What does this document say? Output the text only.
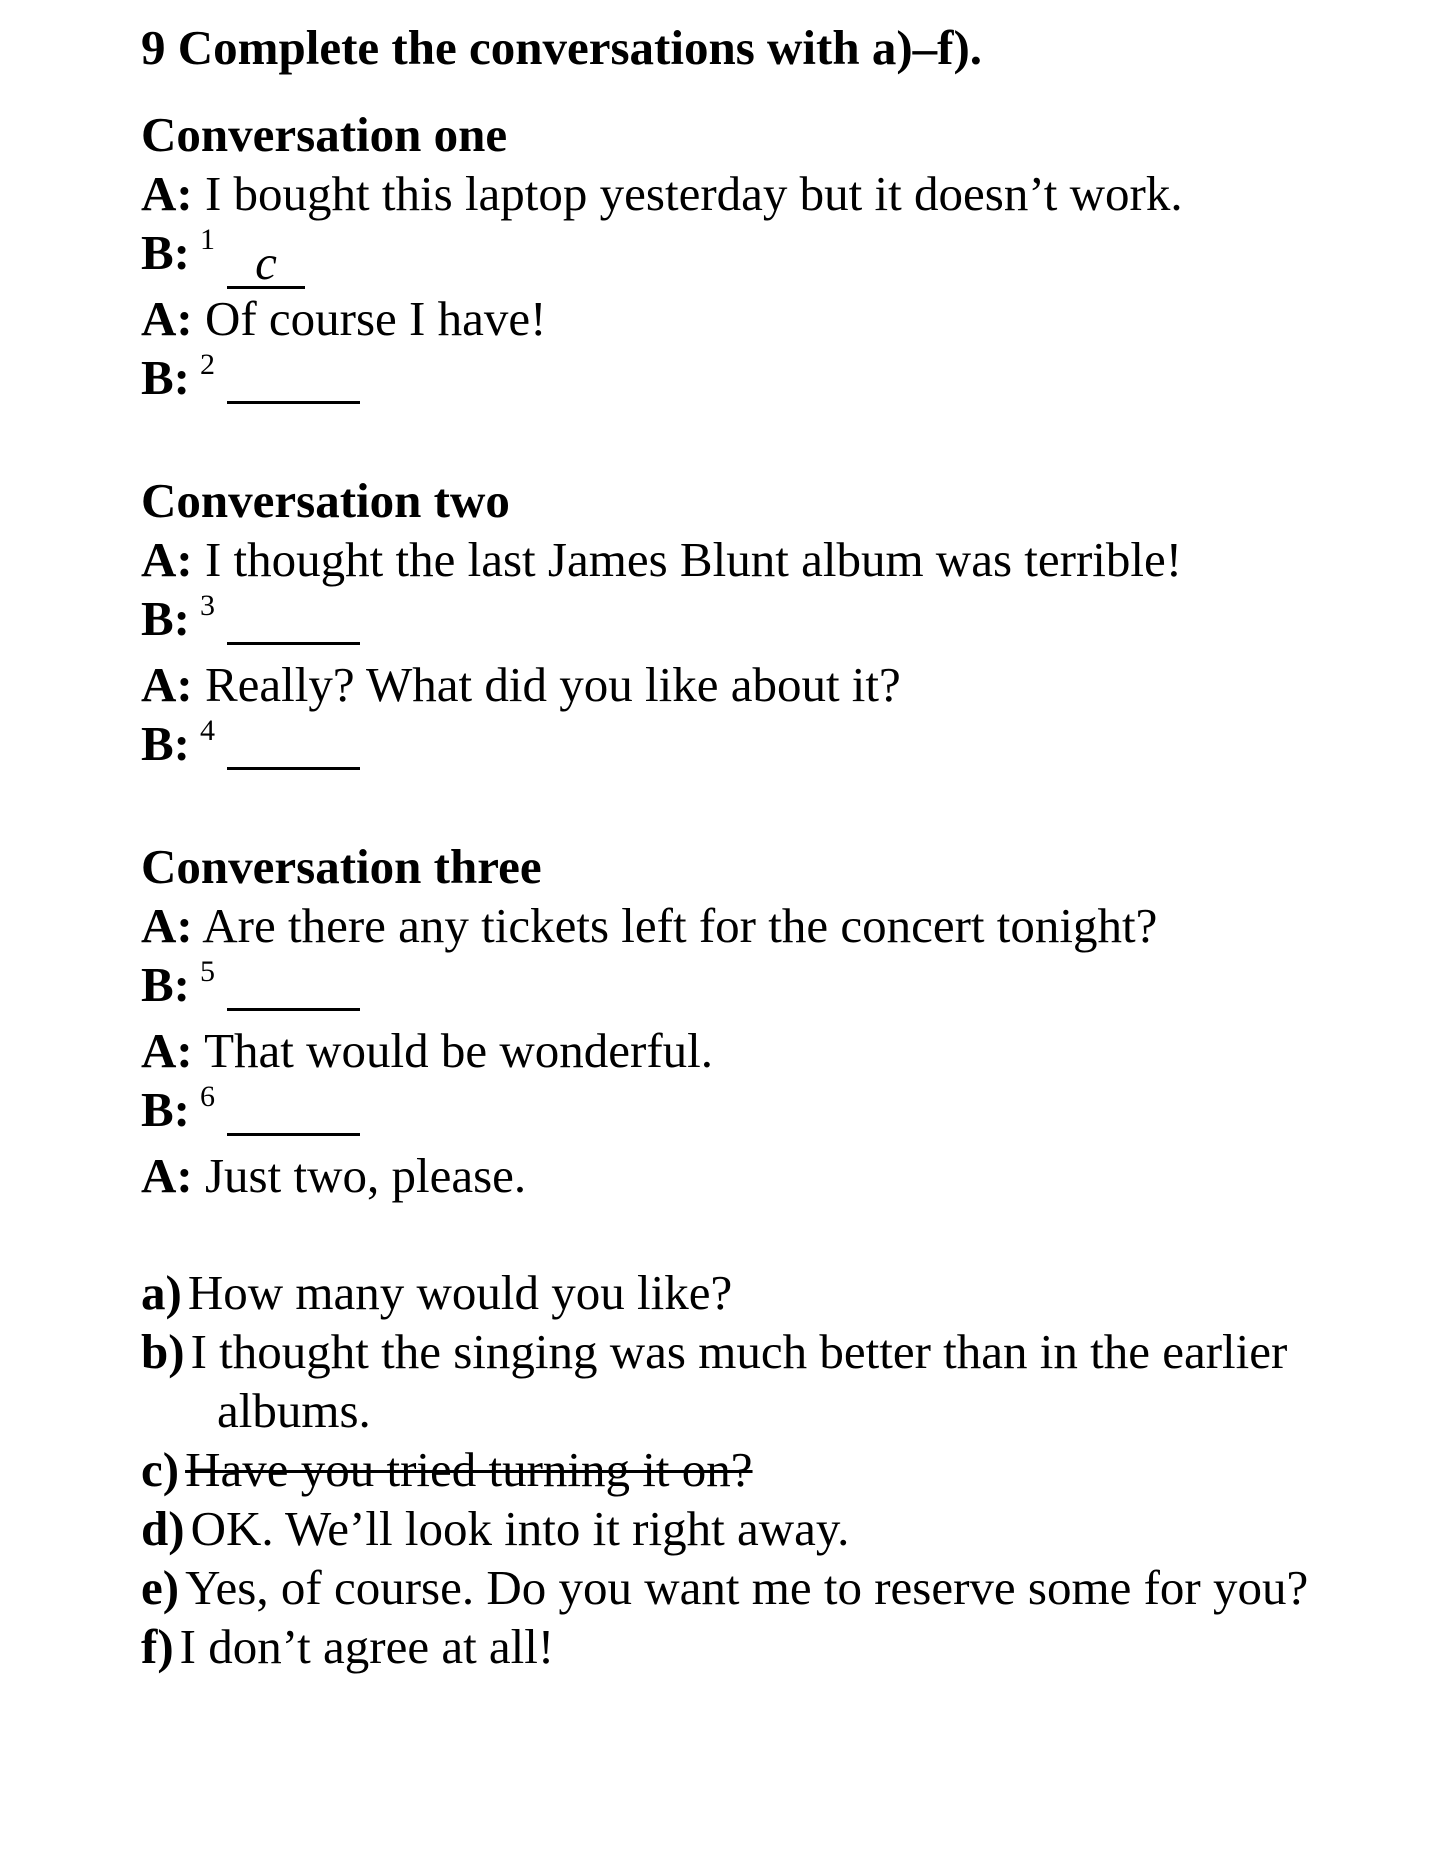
9 Complete the conversations with a)–f).
Conversation one
A: I bought this laptop yesterday but it doesn’t work.
B: $^1$ c
A: Of course I have!
B: $^2$
Conversation two
A: I thought the last James Blunt album was terrible!
B: $^3$
A: Really? What did you like about it?
B: $^4$
Conversation three
A: Are there any tickets left for the concert tonight?
B: $^5$
A: That would be wonderful.
B: $^6$
A: Just two, please.
a) How many would you like?
b) I thought the singing was much better than in the earlier albums.
c) Have you tried turning it on?
d) OK. We’ll look into it right away.
e) Yes, of course. Do you want me to reserve some for you?
f) I don’t agree at all!
